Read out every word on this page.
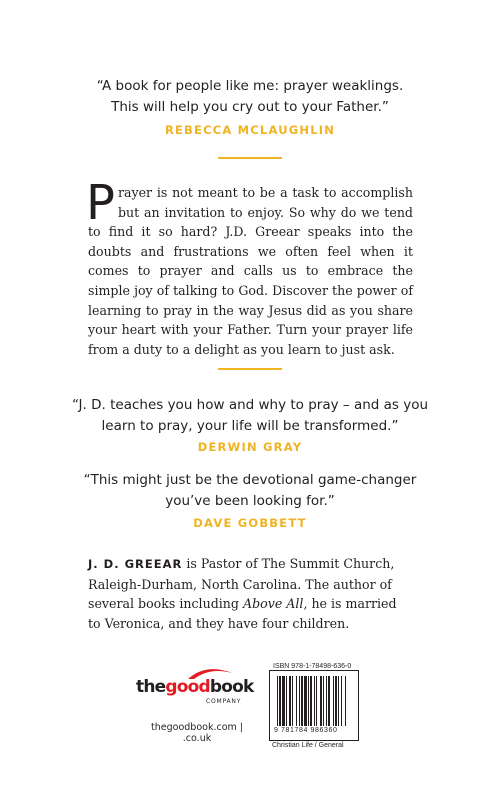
“A book for people like me: prayer weaklings.
This will help you cry out to your Father.”
REBECCA MCLAUGHLIN
Prayer is not meant to be a task to accomplish but an invitation to enjoy. So why do we tend to find it so hard? J.D. Greear speaks into the doubts and frustrations we often feel when it comes to prayer and calls us to embrace the simple joy of talking to God. Discover the power of learning to pray in the way Jesus did as you share your heart with your Father. Turn your prayer life from a duty to a delight as you learn to just ask.
“J. D. teaches you how and why to pray – and as you
learn to pray, your life will be transformed.”
DERWIN GRAY
“This might just be the devotional game-changer
you’ve been looking for.”
DAVE GOBBETT
J. D. GREEAR is Pastor of The Summit Church, Raleigh-Durham, North Carolina. The author of several books including Above All, he is married to Veronica, and they have four children.
thegoodbook
COMPANY
thegoodbook.com | .co.uk
ISBN 978-1-78498-636-0
9 781784 986360
Christian Life / General
